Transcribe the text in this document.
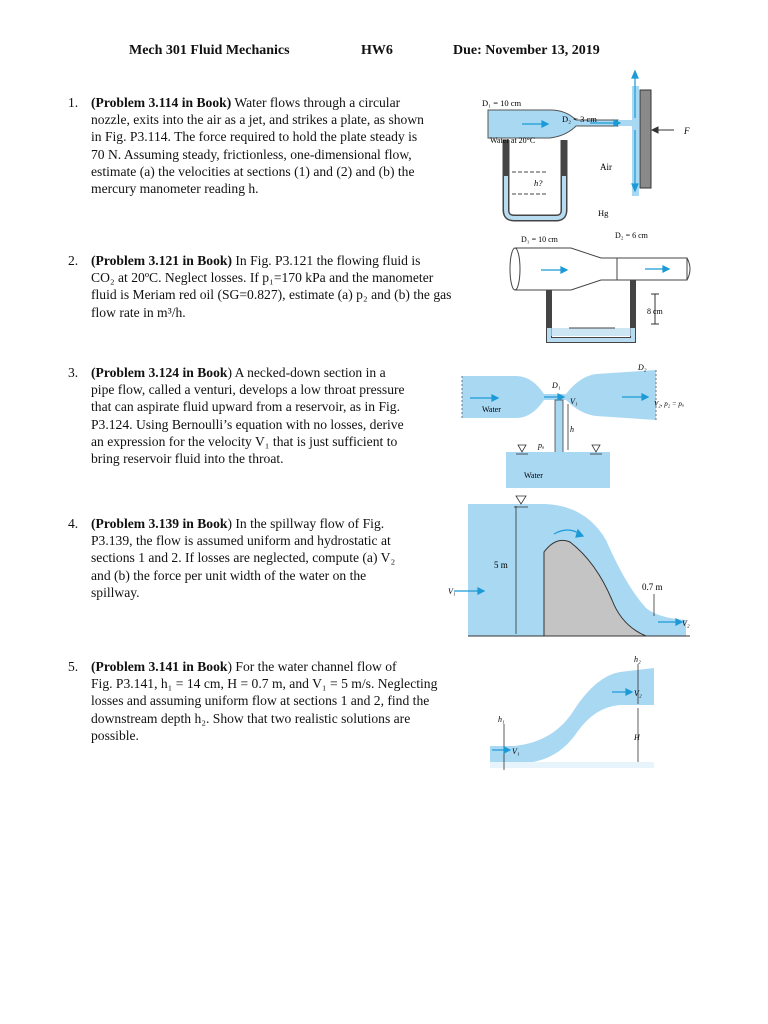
Mech 301 Fluid Mechanics	HW6	Due: November 13, 2019
1. (Problem 3.114 in Book) Water flows through a circular
nozzle, exits into the air as a jet, and strikes a plate, as shown
in Fig. P3.114. The force required to hold the plate steady is
70 N. Assuming steady, frictionless, one-dimensional flow,
estimate (a) the velocities at sections (1) and (2) and (b) the
mercury manometer reading h.
D₁ = 10 cm
D₂ = 3 cm
Water at 20°C
Air
h?
Hg
F
2. (Problem 3.121 in Book) In Fig. P3.121 the flowing fluid is
CO₂ at 20ºC. Neglect losses. If p₁=170 kPa and the manometer
fluid is Meriam red oil (SG=0.827), estimate (a) p₂ and (b) the gas
flow rate in m³/h.
D₁ = 10 cm	D₂ = 6 cm
8 cm
3. (Problem 3.124 in Book) A necked-down section in a
pipe flow, called a venturi, develops a low throat pressure
that can aspirate fluid upward from a reservoir, as in Fig.
P3.124. Using Bernoulli’s equation with no losses, derive
an expression for the velocity V₁ that is just sufficient to
bring reservoir fluid into the throat.
D₁
D₂
V₁	V₂, p₂ = pₐ
Water
pₐ
h
Water
4. (Problem 3.139 in Book) In the spillway flow of Fig.
P3.139, the flow is assumed uniform and hydrostatic at
sections 1 and 2. If losses are neglected, compute (a) V₂
and (b) the force per unit width of the water on the
spillway.
5 m
0.7 m
V₁
V₂
5. (Problem 3.141 in Book) For the water channel flow of
Fig. P3.141, h₁ = 14 cm, H = 0.7 m, and V₁ = 5 m/s. Neglecting
losses and assuming uniform flow at sections 1 and 2, find the
downstream depth h₂. Show that two realistic solutions are
possible.
h₁
h₂
V₁
V₂
H
